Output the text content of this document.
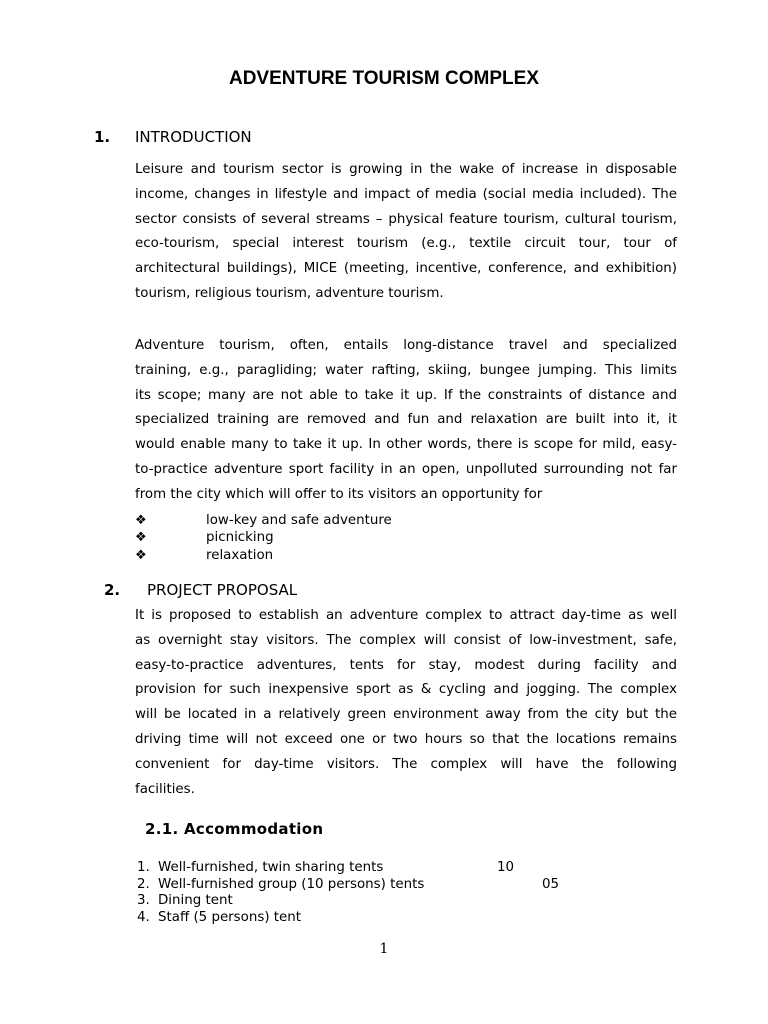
ADVENTURE TOURISM COMPLEX
1. INTRODUCTION
Leisure and tourism sector is growing in the wake of increase in disposable
income, changes in lifestyle and impact of media (social media included). The
sector consists of several streams – physical feature tourism, cultural tourism,
eco-tourism, special interest tourism (e.g., textile circuit tour, tour of
architectural buildings), MICE (meeting, incentive, conference, and exhibition)
tourism, religious tourism, adventure tourism.
Adventure tourism, often, entails long-distance travel and specialized
training, e.g., paragliding; water rafting, skiing, bungee jumping. This limits
its scope; many are not able to take it up. If the constraints of distance and
specialized training are removed and fun and relaxation are built into it, it
would enable many to take it up. In other words, there is scope for mild, easy-
to-practice adventure sport facility in an open, unpolluted surrounding not far
from the city which will offer to its visitors an opportunity for
❖	low-key and safe adventure
❖	picnicking
❖	relaxation
2. PROJECT PROPOSAL
It is proposed to establish an adventure complex to attract day-time as well
as overnight stay visitors. The complex will consist of low-investment, safe,
easy-to-practice adventures, tents for stay, modest during facility and
provision for such inexpensive sport as & cycling and jogging. The complex
will be located in a relatively green environment away from the city but the
driving time will not exceed one or two hours so that the locations remains
convenient for day-time visitors. The complex will have the following
facilities.
2.1. Accommodation
1. Well-furnished, twin sharing tents	10
2. Well-furnished group (10 persons) tents	05
3. Dining tent
4. Staff (5 persons) tent
1
